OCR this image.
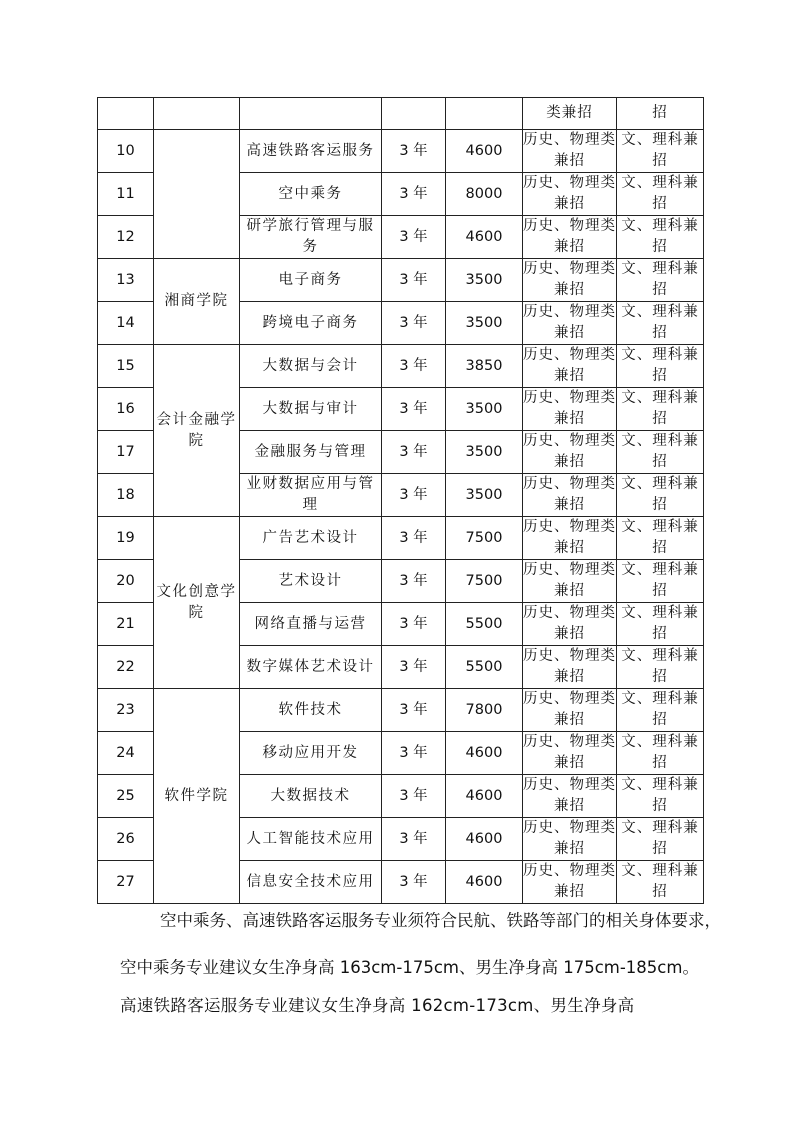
					类兼招	招
10		高速铁路客运服务	3 年	4600	历史、物理类兼招	文、理科兼招
11		空中乘务	3 年	8000	历史、物理类兼招	文、理科兼招
12		研学旅行管理与服务	3 年	4600	历史、物理类兼招	文、理科兼招
13	湘商学院	电子商务	3 年	3500	历史、物理类兼招	文、理科兼招
14		跨境电子商务	3 年	3500	历史、物理类兼招	文、理科兼招
15	会计金融学院	大数据与会计	3 年	3850	历史、物理类兼招	文、理科兼招
16		大数据与审计	3 年	3500	历史、物理类兼招	文、理科兼招
17		金融服务与管理	3 年	3500	历史、物理类兼招	文、理科兼招
18		业财数据应用与管理	3 年	3500	历史、物理类兼招	文、理科兼招
19	文化创意学院	广告艺术设计	3 年	7500	历史、物理类兼招	文、理科兼招
20		艺术设计	3 年	7500	历史、物理类兼招	文、理科兼招
21		网络直播与运营	3 年	5500	历史、物理类兼招	文、理科兼招
22		数字媒体艺术设计	3 年	5500	历史、物理类兼招	文、理科兼招
23	软件学院	软件技术	3 年	7800	历史、物理类兼招	文、理科兼招
24		移动应用开发	3 年	4600	历史、物理类兼招	文、理科兼招
25		大数据技术	3 年	4600	历史、物理类兼招	文、理科兼招
26		人工智能技术应用	3 年	4600	历史、物理类兼招	文、理科兼招
27		信息安全技术应用	3 年	4600	历史、物理类兼招	文、理科兼招
空中乘务、高速铁路客运服务专业须符合民航、铁路等部门的相关身体要求，
空中乘务专业建议女生净身高 163cm-175cm、男生净身高 175cm-185cm。
高速铁路客运服务专业建议女生净身高 162cm-173cm、男生净身高
